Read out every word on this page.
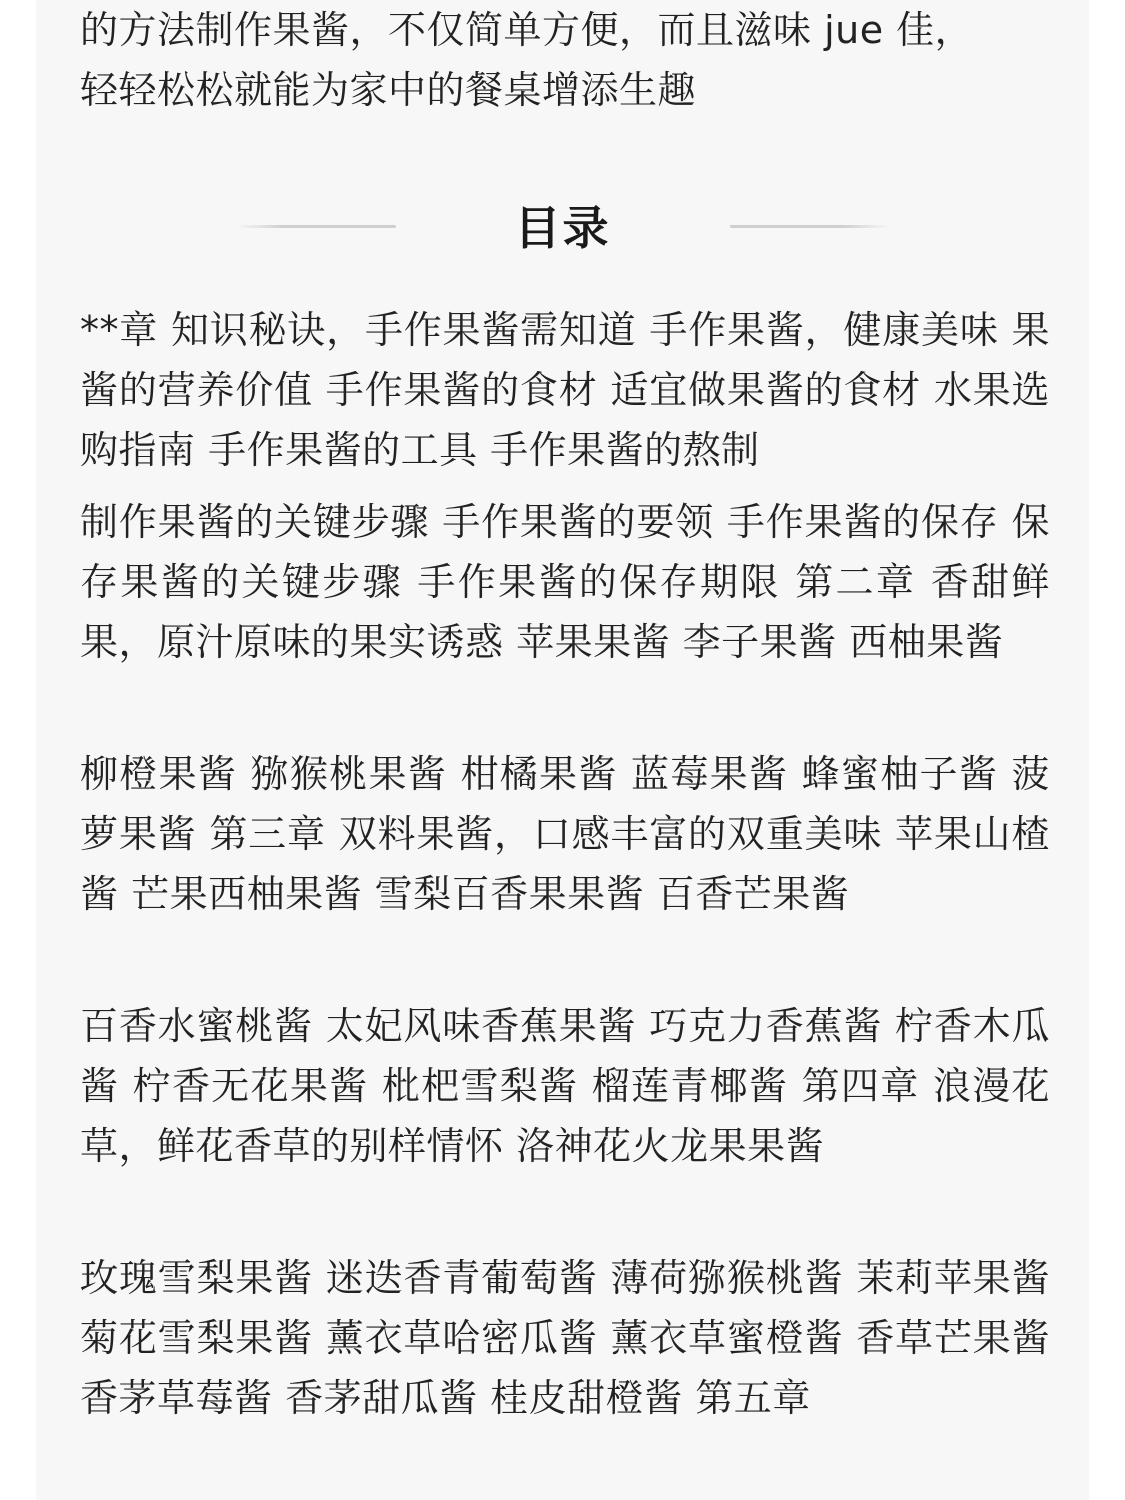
的方法制作果酱，不仅简单方便，而且滋味 jue 佳，
轻轻松松就能为家中的餐桌增添生趣
目录
**章 知识秘诀，手作果酱需知道 手作果酱，健康美味 果酱的营养价值 手作果酱的食材 适宜做果酱的食材 水果选购指南 手作果酱的工具 手作果酱的熬制
制作果酱的关键步骤 手作果酱的要领 手作果酱的保存 保存果酱的关键步骤 手作果酱的保存期限 第二章 香甜鲜果，原汁原味的果实诱惑 苹果果酱 李子果酱 西柚果酱
柳橙果酱 猕猴桃果酱 柑橘果酱 蓝莓果酱 蜂蜜柚子酱 菠萝果酱 第三章 双料果酱，口感丰富的双重美味 苹果山楂酱 芒果西柚果酱 雪梨百香果果酱 百香芒果酱
百香水蜜桃酱 太妃风味香蕉果酱 巧克力香蕉酱 柠香木瓜酱 柠香无花果酱 枇杷雪梨酱 榴莲青椰酱 第四章 浪漫花草，鲜花香草的别样情怀 洛神花火龙果果酱
玫瑰雪梨果酱 迷迭香青葡萄酱 薄荷猕猴桃酱 茉莉苹果酱 菊花雪梨果酱 薰衣草哈密瓜酱 薰衣草蜜橙酱 香草芒果酱 香茅草莓酱 香茅甜瓜酱 桂皮甜橙酱 第五章
